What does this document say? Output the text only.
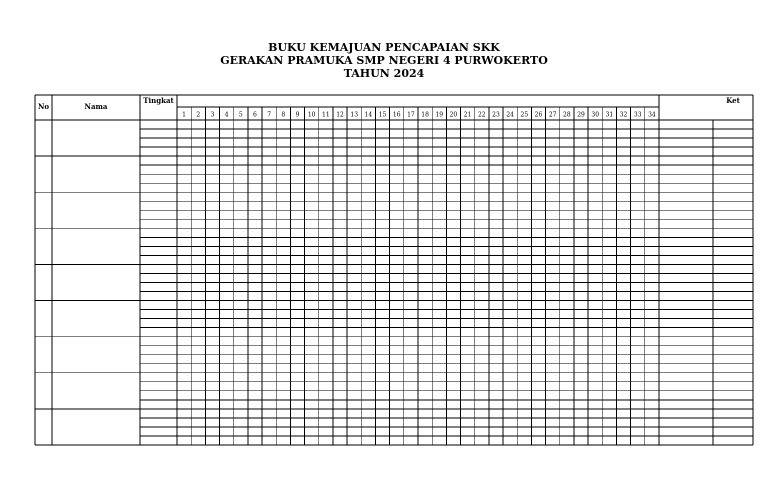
BUKU KEMAJUAN PENCAPAIAN SKK
GERAKAN PRAMUKA SMP NEGERI 4 PURWOKERTO
TAHUN 2024
No	Nama
Tingkat	Ket
1 2 3 4 5 6 7 8 9 10 11 12 13 14 15 16 17 18 19 20 21 22 23 24 25 26 27 28 29 30 31 32 33 34
